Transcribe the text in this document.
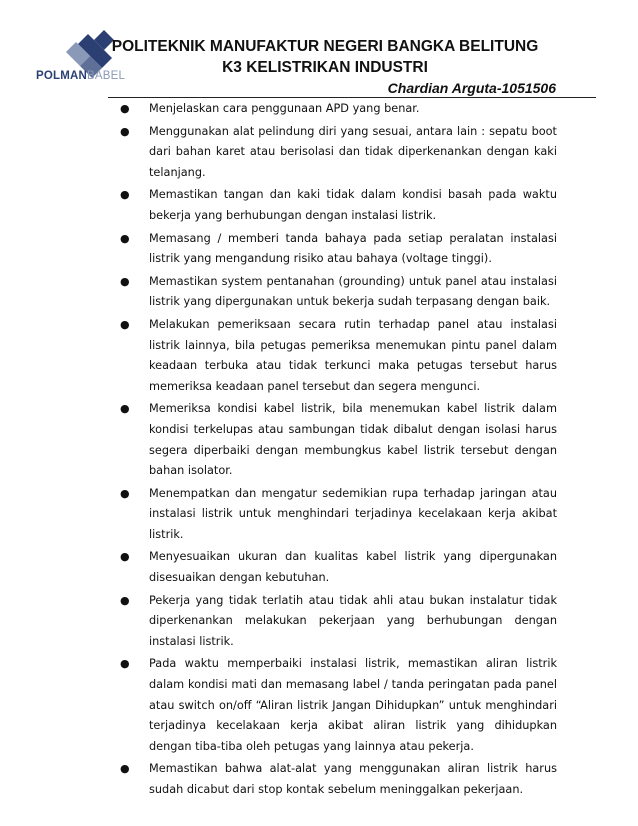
POLMANBABEL
POLITEKNIK MANUFAKTUR NEGERI BANGKA BELITUNG
K3 KELISTRIKAN INDUSTRI
Chardian Arguta-1051506
● Menjelaskan cara penggunaan APD yang benar.
● Menggunakan alat pelindung diri yang sesuai, antara lain : sepatu boot dari bahan karet atau berisolasi dan tidak diperkenankan dengan kaki telanjang.
● Memastikan tangan dan kaki tidak dalam kondisi basah pada waktu bekerja yang berhubungan dengan instalasi listrik.
● Memasang / memberi tanda bahaya pada setiap peralatan instalasi listrik yang mengandung risiko atau bahaya (voltage tinggi).
● Memastikan system pentanahan (grounding) untuk panel atau instalasi listrik yang dipergunakan untuk bekerja sudah terpasang dengan baik.
● Melakukan pemeriksaan secara rutin terhadap panel atau instalasi listrik lainnya, bila petugas pemeriksa menemukan pintu panel dalam keadaan terbuka atau tidak terkunci maka petugas tersebut harus memeriksa keadaan panel tersebut dan segera mengunci.
● Memeriksa kondisi kabel listrik, bila menemukan kabel listrik dalam kondisi terkelupas atau sambungan tidak dibalut dengan isolasi harus segera diperbaiki dengan membungkus kabel listrik tersebut dengan bahan isolator.
● Menempatkan dan mengatur sedemikian rupa terhadap jaringan atau instalasi listrik untuk menghindari terjadinya kecelakaan kerja akibat listrik.
● Menyesuaikan ukuran dan kualitas kabel listrik yang dipergunakan disesuaikan dengan kebutuhan.
● Pekerja yang tidak terlatih atau tidak ahli atau bukan instalatur tidak diperkenankan melakukan pekerjaan yang berhubungan dengan instalasi listrik.
● Pada waktu memperbaiki instalasi listrik, memastikan aliran listrik dalam kondisi mati dan memasang label / tanda peringatan pada panel atau switch on/off “Aliran listrik Jangan Dihidupkan” untuk menghindari terjadinya kecelakaan kerja akibat aliran listrik yang dihidupkan dengan tiba-tiba oleh petugas yang lainnya atau pekerja.
● Memastikan bahwa alat-alat yang menggunakan aliran listrik harus sudah dicabut dari stop kontak sebelum meninggalkan pekerjaan.
